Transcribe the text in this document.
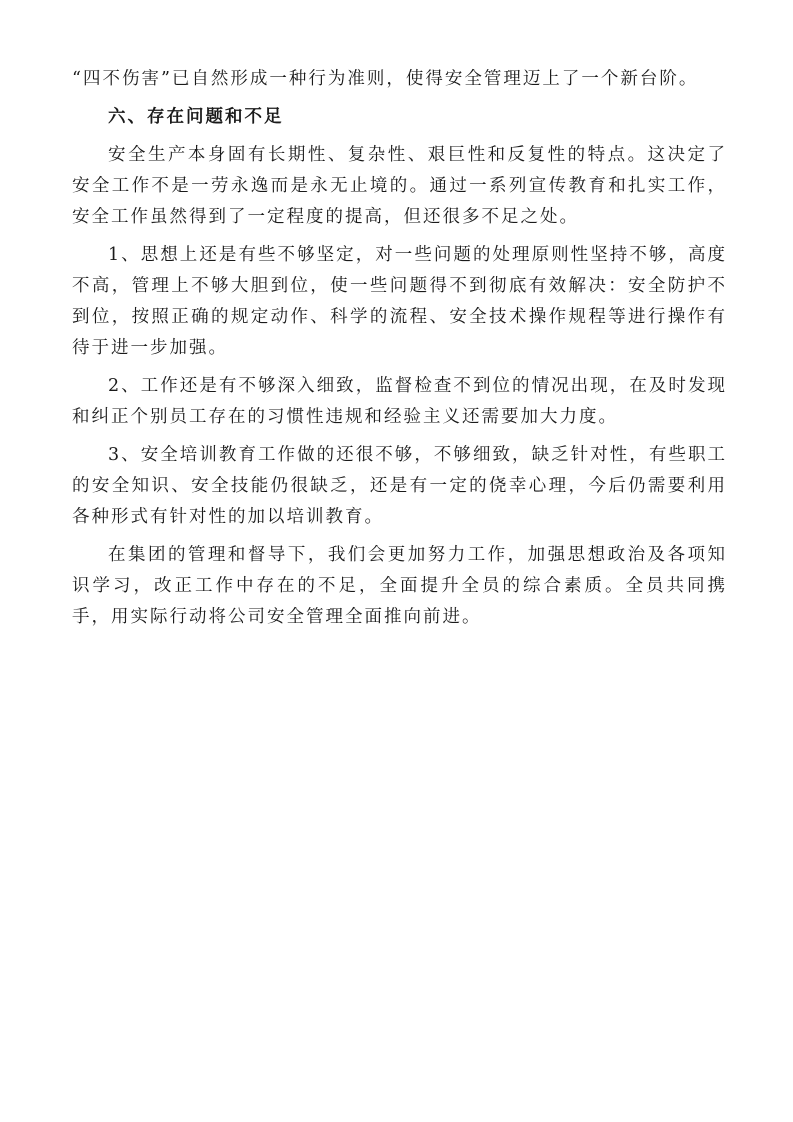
“四不伤害”已自然形成一种行为准则，使得安全管理迈上了一个新台阶。

六、存在问题和不足

安全生产本身固有长期性、复杂性、艰巨性和反复性的特点。这决定了安全工作不是一劳永逸而是永无止境的。通过一系列宣传教育和扎实工作，安全工作虽然得到了一定程度的提高，但还很多不足之处。

1、思想上还是有些不够坚定，对一些问题的处理原则性坚持不够，高度不高，管理上不够大胆到位，使一些问题得不到彻底有效解决：安全防护不到位，按照正确的规定动作、科学的流程、安全技术操作规程等进行操作有待于进一步加强。

2、工作还是有不够深入细致，监督检查不到位的情况出现，在及时发现和纠正个别员工存在的习惯性违规和经验主义还需要加大力度。

3、安全培训教育工作做的还很不够，不够细致，缺乏针对性，有些职工的安全知识、安全技能仍很缺乏，还是有一定的侥幸心理，今后仍需要利用各种形式有针对性的加以培训教育。

在集团的管理和督导下，我们会更加努力工作，加强思想政治及各项知识学习，改正工作中存在的不足，全面提升全员的综合素质。全员共同携手，用实际行动将公司安全管理全面推向前进。
